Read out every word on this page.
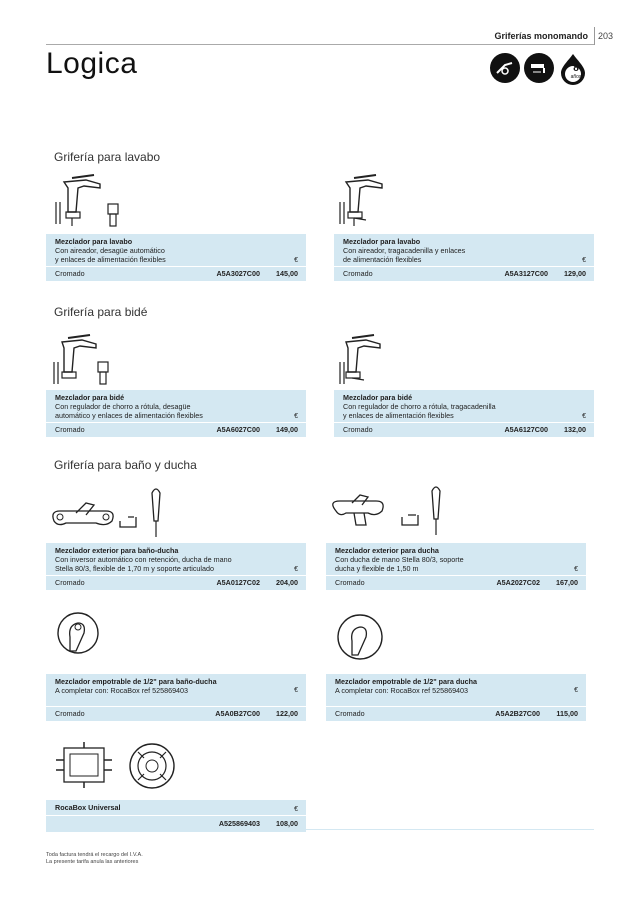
Griferías monomando 203
Logica	8
años
Grifería para lavabo
Grifería para bidé
Grifería para baño y ducha
Mezclador para lavabo
Con aireador, desagüe automático
y enlaces de alimentación flexibles	€
Cromado	A5A3027C00 145,00
Mezclador para lavabo
Con aireador, tragacadenilla y enlaces
de alimentación flexibles	€
Cromado	A5A3127C00 129,00
Mezclador para bidé
Con regulador de chorro a rótula, desagüe
automático y enlaces de alimentación flexibles	€
Cromado	A5A6027C00 149,00
Mezclador para bidé
Con regulador de chorro a rótula, tragacadenilla
y enlaces de alimentación flexibles	€
Cromado	A5A6127C00 132,00
Mezclador exterior para baño-ducha
Con inversor automático con retención, ducha de mano
Stella 80/3, flexible de 1,70 m y soporte articulado	€
Cromado	A5A0127C02 204,00
Mezclador exterior para ducha
Con ducha de mano Stella 80/3, soporte
ducha y flexible de 1,50 m	€
Cromado	A5A2027C02 167,00
Mezclador empotrable de 1/2" para baño-ducha
A completar con: RocaBox ref 525869403	€
Cromado	A5A0B27C00 122,00
Mezclador empotrable de 1/2" para ducha
A completar con: RocaBox ref 525869403	€
Cromado	A5A2B27C00 115,00
RocaBox Universal	€
A525869403 108,00
Toda factura tendrá el recargo del I.V.A.
La presente tarifa anula las anteriores
